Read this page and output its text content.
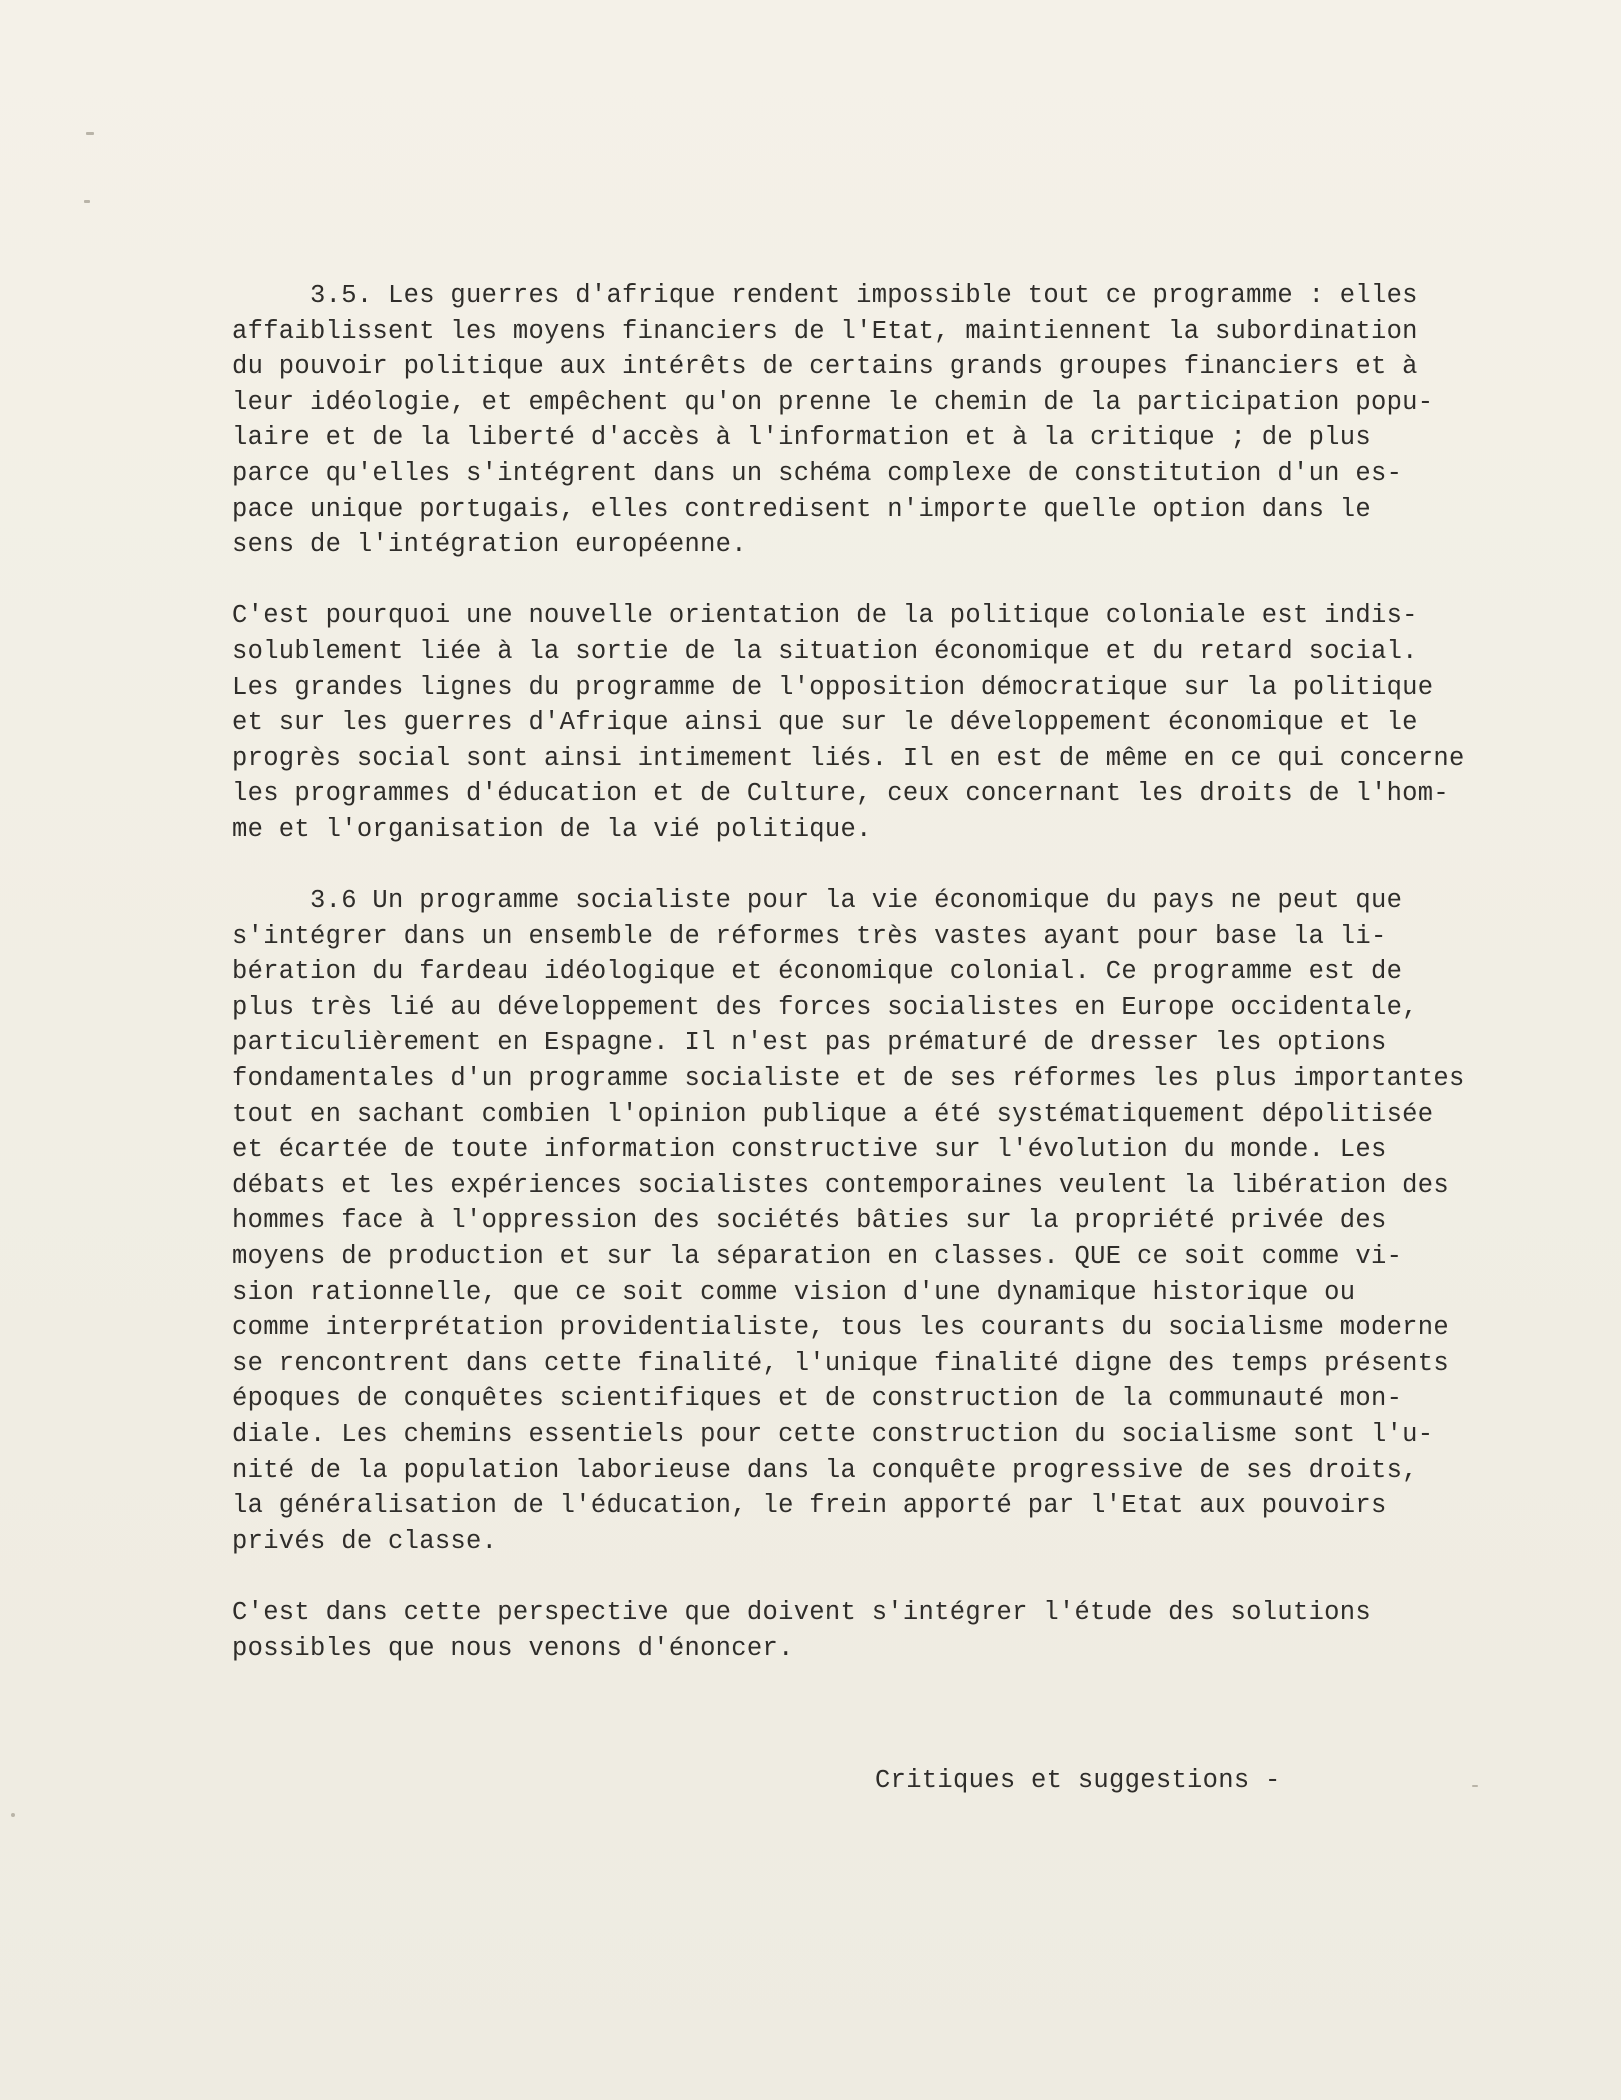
3.5. Les guerres d'afrique rendent impossible tout ce programme : elles
affaiblissent les moyens financiers de l'Etat, maintiennent la subordination
du pouvoir politique aux intérêts de certains grands groupes financiers et à
leur idéologie, et empêchent qu'on prenne le chemin de la participation popu-
laire et de la liberté d'accès à l'information et à la critique ; de plus
parce qu'elles s'intégrent dans un schéma complexe de constitution d'un es-
pace unique portugais, elles contredisent n'importe quelle option dans le
sens de l'intégration européenne.
C'est pourquoi une nouvelle orientation de la politique coloniale est indis-
solublement liée à la sortie de la situation économique et du retard social.
Les grandes lignes du programme de l'opposition démocratique sur la politique
et sur les guerres d'Afrique ainsi que sur le développement économique et le
progrès social sont ainsi intimement liés. Il en est de même en ce qui concerne
les programmes d'éducation et de Culture, ceux concernant les droits de l'hom-
me et l'organisation de la vié politique.
3.6 Un programme socialiste pour la vie économique du pays ne peut que
s'intégrer dans un ensemble de réformes très vastes ayant pour base la li-
bération du fardeau idéologique et économique colonial. Ce programme est de
plus très lié au développement des forces socialistes en Europe occidentale,
particulièrement en Espagne. Il n'est pas prématuré de dresser les options
fondamentales d'un programme socialiste et de ses réformes les plus importantes
tout en sachant combien l'opinion publique a été systématiquement dépolitisée
et écartée de toute information constructive sur l'évolution du monde. Les
débats et les expériences socialistes contemporaines veulent la libération des
hommes face à l'oppression des sociétés bâties sur la propriété privée des
moyens de production et sur la séparation en classes. QUE ce soit comme vi-
sion rationnelle, que ce soit comme vision d'une dynamique historique ou
comme interprétation providentialiste, tous les courants du socialisme moderne
se rencontrent dans cette finalité, l'unique finalité digne des temps présents
époques de conquêtes scientifiques et de construction de la communauté mon-
diale. Les chemins essentiels pour cette construction du socialisme sont l'u-
nité de la population laborieuse dans la conquête progressive de ses droits,
la généralisation de l'éducation, le frein apporté par l'Etat aux pouvoirs
privés de classe.
C'est dans cette perspective que doivent s'intégrer l'étude des solutions
possibles que nous venons d'énoncer.
Critiques et suggestions -
